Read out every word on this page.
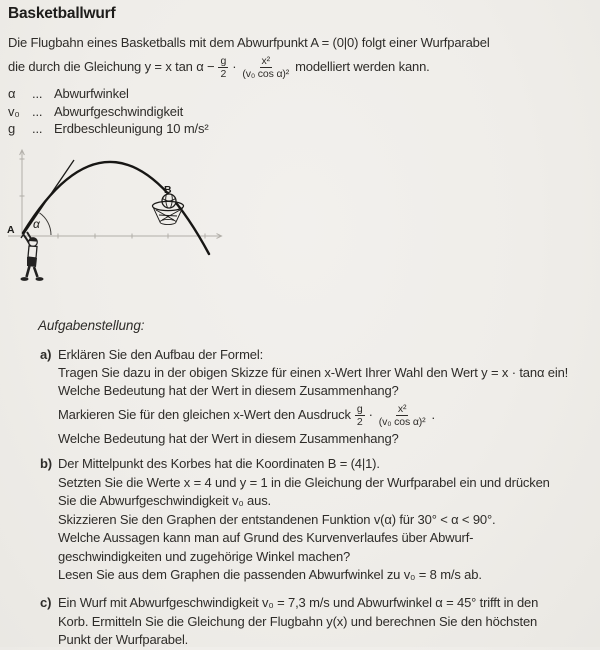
Basketballwurf
Die Flugbahn eines Basketballs mit dem Abwurfpunkt A = (0|0) folgt einer Wurfparabel
die durch die Gleichung y = x $\tan \alpha - \frac{g}{2} \cdot \frac{\text{x²}}{\text{(v₀ cos α)²}}$ modelliert werden kann.
α	... Abwurfwinkel
v₀ ... Abwurfgeschwindigkeit
g	... Erdbeschleunigung 10 m/s²
A
B
α
Aufgabenstellung:
a) Erklären Sie den Aufbau der Formel:
Tragen Sie dazu in der obigen Skizze für einen x-Wert Ihrer Wahl den Wert y = x · tanα ein!
Welche Bedeutung hat der Wert in diesem Zusammenhang?
Markieren Sie für den gleichen x-Wert den Ausdruck $\frac{g}{2} \cdot \frac{\text{x²}}{\text{(v₀ cos α)²}}$ .
Welche Bedeutung hat der Wert in diesem Zusammenhang?
b) Der Mittelpunkt des Korbes hat die Koordinaten B = (4|1).
Setzten Sie die Werte x = 4 und y = 1 in die Gleichung der Wurfparabel ein und drücken
Sie die Abwurfgeschwindigkeit v₀ aus.
Skizzieren Sie den Graphen der entstandenen Funktion v(α) für 30° < α < 90°.
Welche Aussagen kann man auf Grund des Kurvenverlaufes über Abwurf-
geschwindigkeiten und zugehörige Winkel machen?
Lesen Sie aus dem Graphen die passenden Abwurfwinkel zu v₀ = 8 m/s ab.
c) Ein Wurf mit Abwurfgeschwindigkeit v₀ = 7,3 m/s und Abwurfwinkel α = 45° trifft in den
Korb. Ermitteln Sie die Gleichung der Flugbahn y(x) und berechnen Sie den höchsten
Punkt der Wurfparabel.
